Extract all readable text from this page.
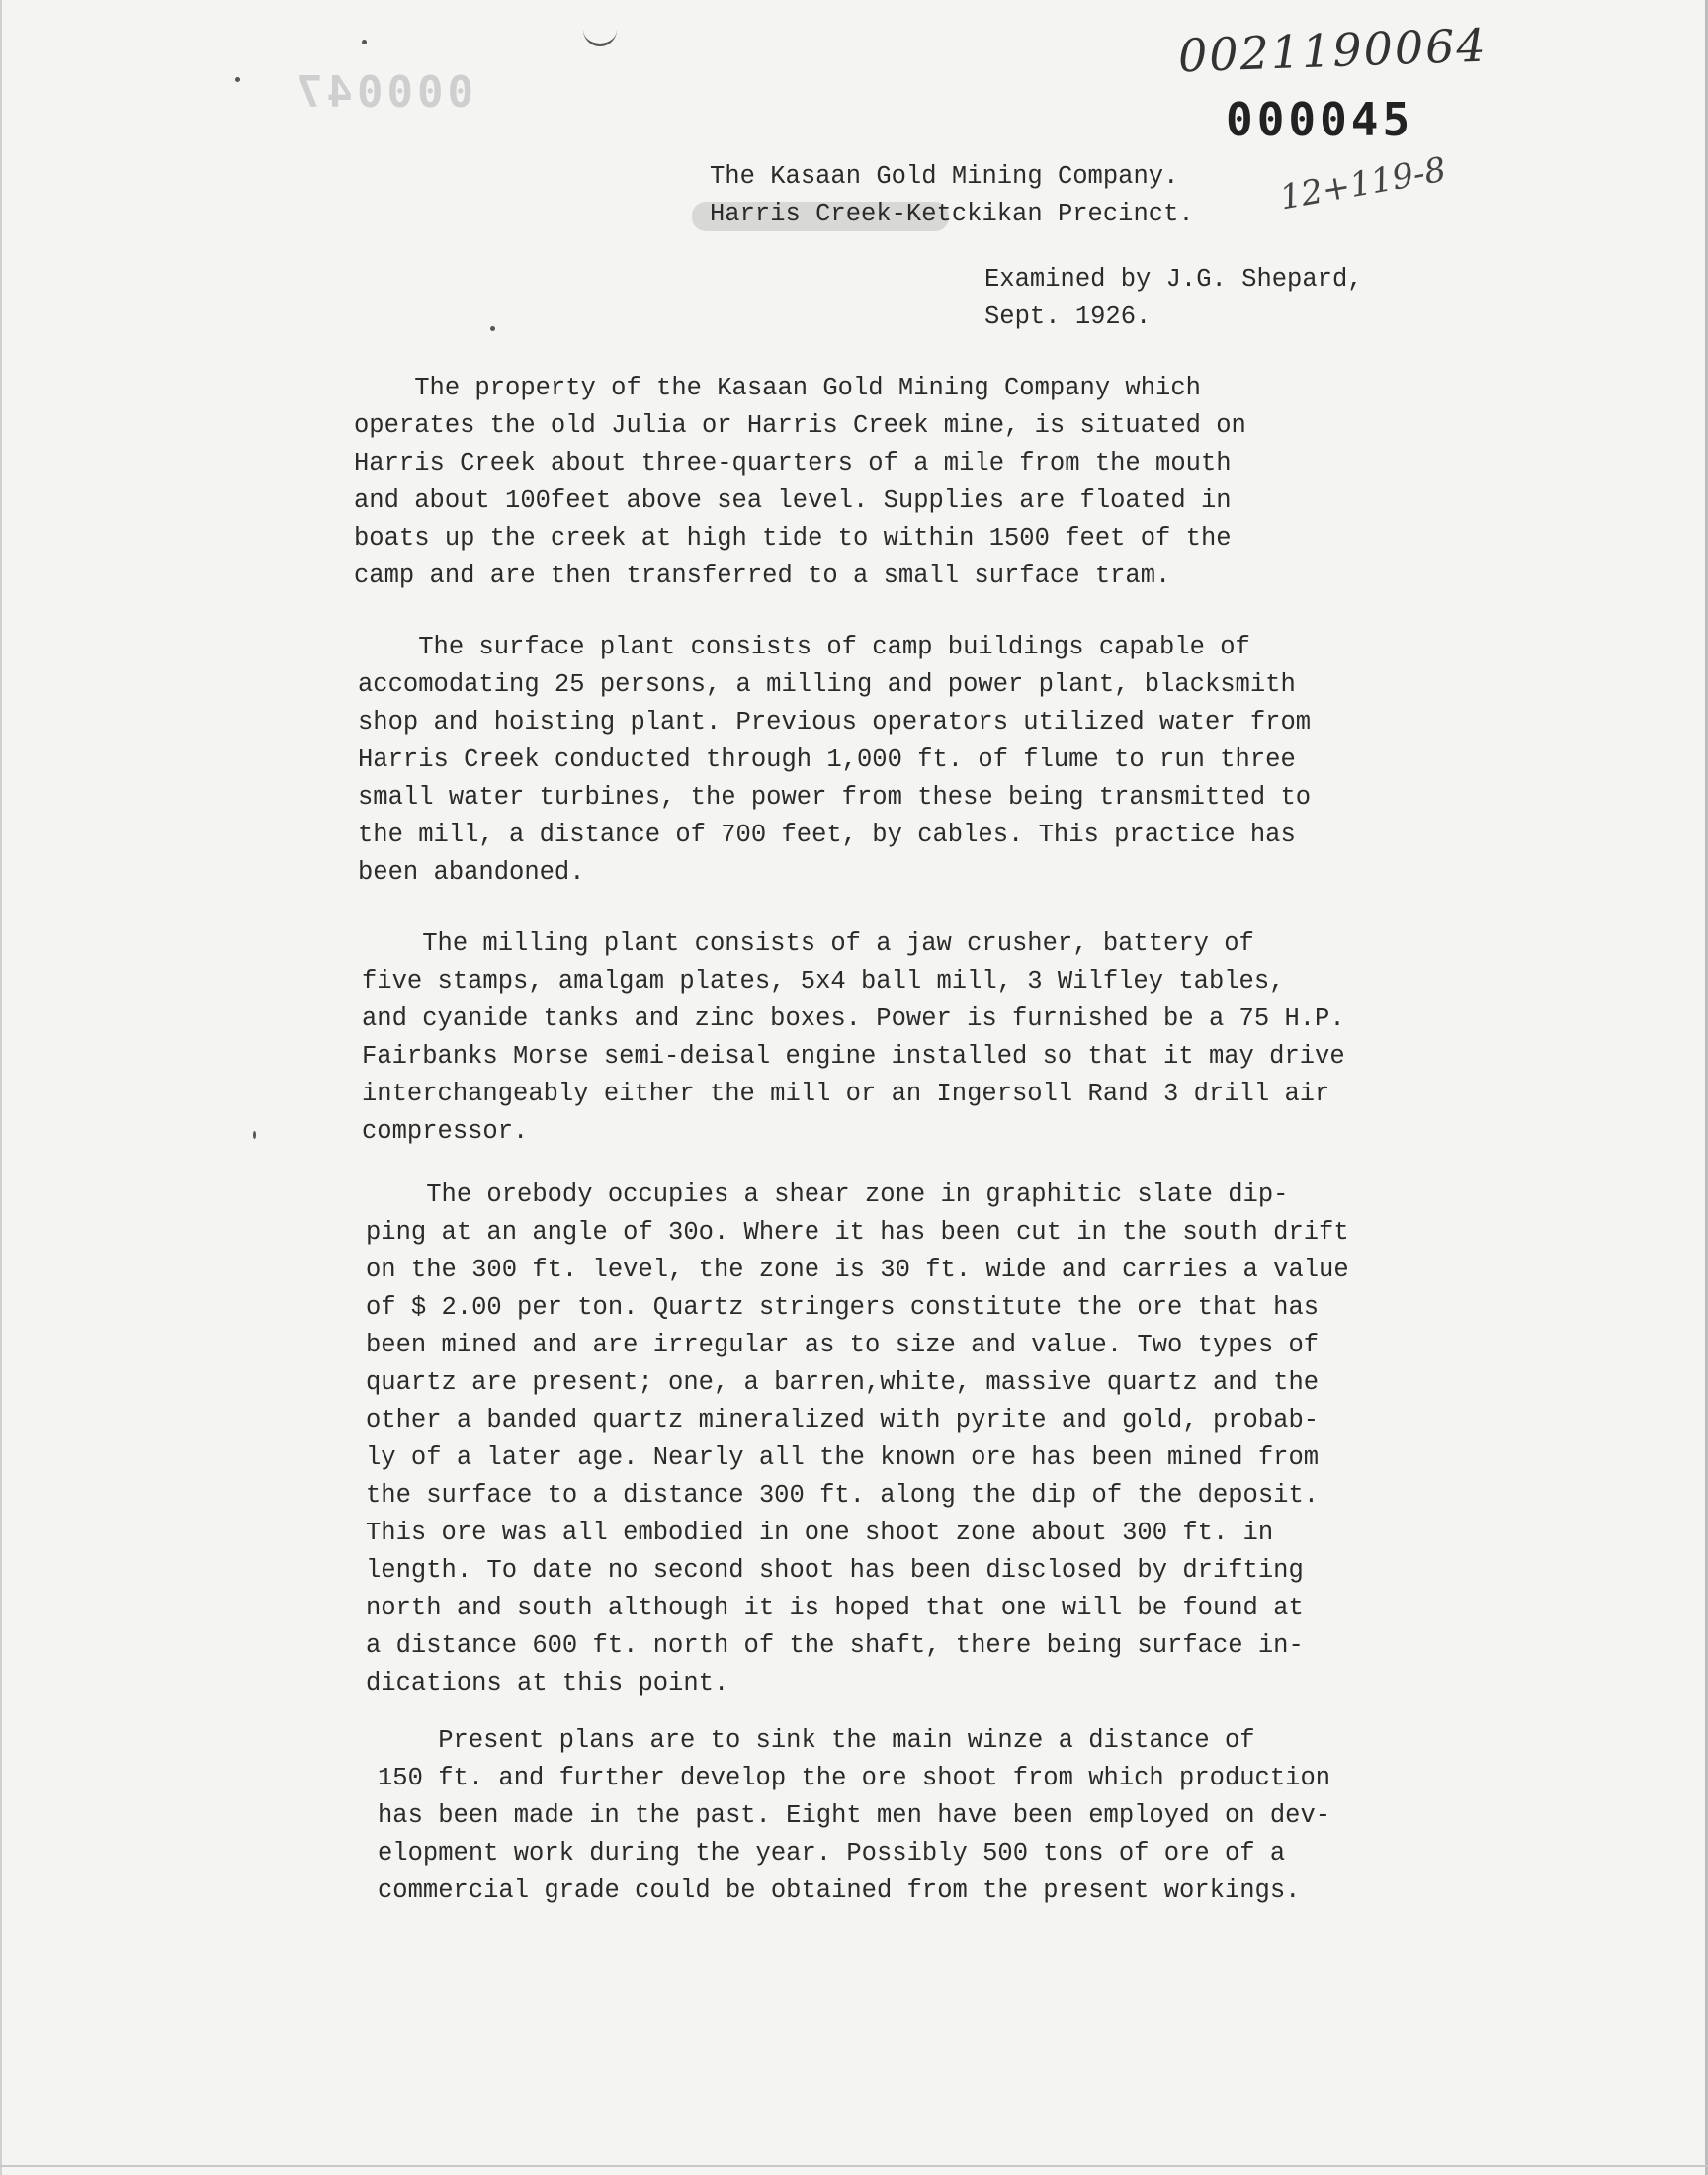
000047
0021190064
000045
12+119-8
The Kasaan Gold Mining Company.
Harris Creek-Ketckikan Precinct.
Examined by J.G. Shepard,
Sept. 1926.
The property of the Kasaan Gold Mining Company which
operates the old Julia or Harris Creek mine, is situated on
Harris Creek about three-quarters of a mile from the mouth
and about 100feet above sea level. Supplies are floated in
boats up the creek at high tide to within 1500 feet of the
camp and are then transferred to a small surface tram.
The surface plant consists of camp buildings capable of
accomodating 25 persons, a milling and power plant, blacksmith
shop and hoisting plant. Previous operators utilized water from
Harris Creek conducted through 1,000 ft. of flume to run three
small water turbines, the power from these being transmitted to
the mill, a distance of 700 feet, by cables. This practice has
been abandoned.
The milling plant consists of a jaw crusher, battery of
five stamps, amalgam plates, 5x4 ball mill, 3 Wilfley tables,
and cyanide tanks and zinc boxes. Power is furnished be a 75 H.P.
Fairbanks Morse semi-deisal engine installed so that it may drive
interchangeably either the mill or an Ingersoll Rand 3 drill air
compressor.
The orebody occupies a shear zone in graphitic slate dip-
ping at an angle of 30o. Where it has been cut in the south drift
on the 300 ft. level, the zone is 30 ft. wide and carries a value
of $ 2.00 per ton. Quartz stringers constitute the ore that has
been mined and are irregular as to size and value. Two types of
quartz are present; one, a barren,white, massive quartz and the
other a banded quartz mineralized with pyrite and gold, probab-
ly of a later age. Nearly all the known ore has been mined from
the surface to a distance 300 ft. along the dip of the deposit.
This ore was all embodied in one shoot zone about 300 ft. in
length. To date no second shoot has been disclosed by drifting
north and south although it is hoped that one will be found at
a distance 600 ft. north of the shaft, there being surface in-
dications at this point.
Present plans are to sink the main winze a distance of
150 ft. and further develop the ore shoot from which production
has been made in the past. Eight men have been employed on dev-
elopment work during the year. Possibly 500 tons of ore of a
commercial grade could be obtained from the present workings.
